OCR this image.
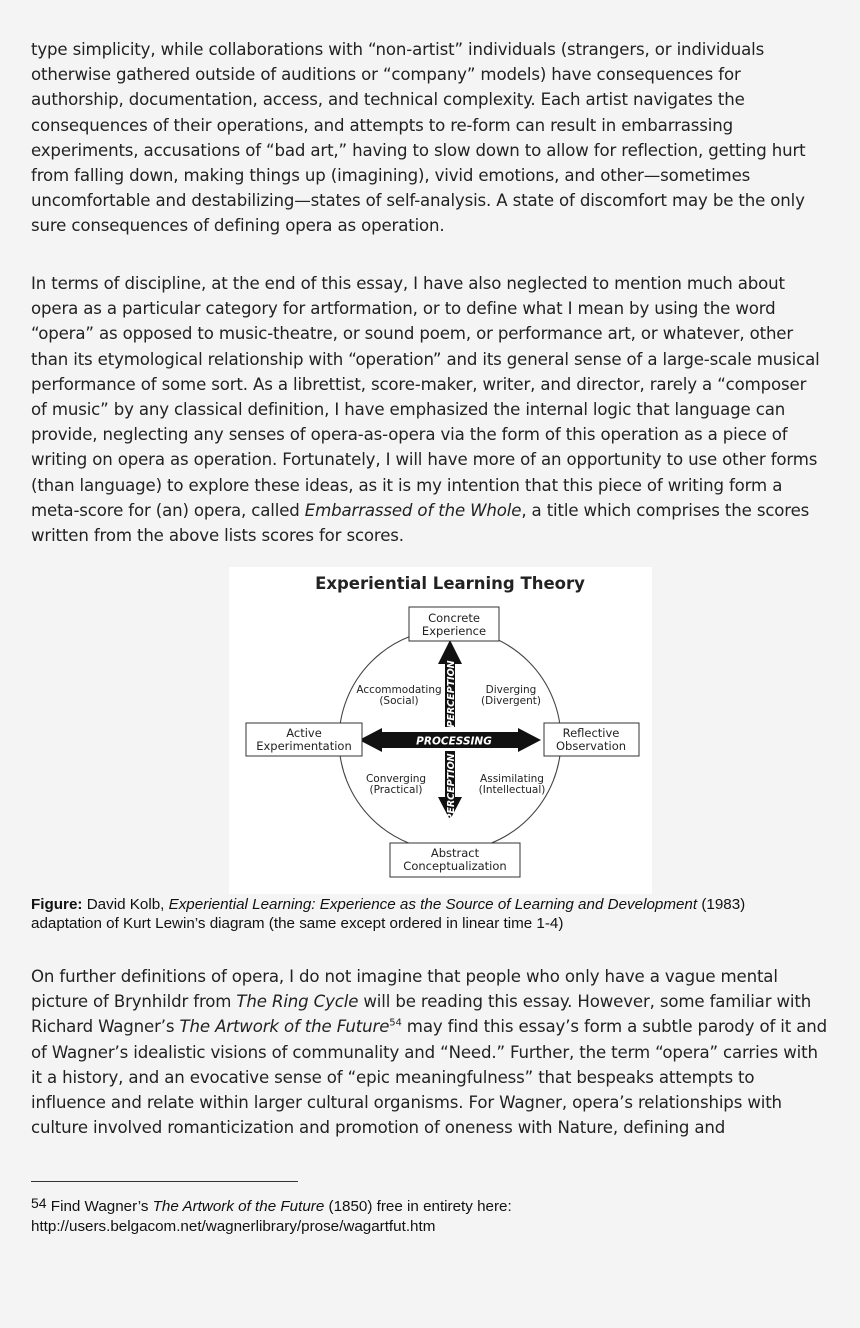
type simplicity, while collaborations with “non-artist” individuals (strangers, or individuals
otherwise gathered outside of auditions or “company” models) have consequences for
authorship, documentation, access, and technical complexity. Each artist navigates the
consequences of their operations, and attempts to re-form can result in embarrassing
experiments, accusations of “bad art,” having to slow down to allow for reflection, getting hurt
from falling down, making things up (imagining), vivid emotions, and other—sometimes
uncomfortable and destabilizing—states of self-analysis. A state of discomfort may be the only
sure consequences of defining opera as operation.
In terms of discipline, at the end of this essay, I have also neglected to mention much about
opera as a particular category for artformation, or to define what I mean by using the word
“opera” as opposed to music-theatre, or sound poem, or performance art, or whatever, other
than its etymological relationship with “operation” and its general sense of a large-scale musical
performance of some sort. As a librettist, score-maker, writer, and director, rarely a “composer
of music” by any classical definition, I have emphasized the internal logic that language can
provide, neglecting any senses of opera-as-opera via the form of this operation as a piece of
writing on opera as operation. Fortunately, I will have more of an opportunity to use other forms
(than language) to explore these ideas, as it is my intention that this piece of writing form a
meta-score for (an) opera, called Embarrassed of the Whole, a title which comprises the scores
written from the above lists scores for scores.
Experiential Learning Theory
PROCESSING
PERCEPTION
PERCEPTION
Concrete
Experience
Active
Experimentation
Reflective
Observation
Abstract
Conceptualization
Accommodating
(Social)
Diverging
(Divergent)
Converging
(Practical)
Assimilating
(Intellectual)
Figure: David Kolb, Experiential Learning: Experience as the Source of Learning and Development (1983)
adaptation of Kurt Lewin’s diagram (the same except ordered in linear time 1-4)
On further definitions of opera, I do not imagine that people who only have a vague mental
picture of Brynhildr from The Ring Cycle will be reading this essay. However, some familiar with
Richard Wagner’s The Artwork of the Future$^{54}$ may find this essay’s form a subtle parody of it and
of Wagner’s idealistic visions of communality and “Need.” Further, the term “opera” carries with
it a history, and an evocative sense of “epic meaningfulness” that bespeaks attempts to
influence and relate within larger cultural organisms. For Wagner, opera’s relationships with
culture involved romanticization and promotion of oneness with Nature, defining and
54 Find Wagner’s The Artwork of the Future (1850) free in entirety here:
http://users.belgacom.net/wagnerlibrary/prose/wagartfut.htm
